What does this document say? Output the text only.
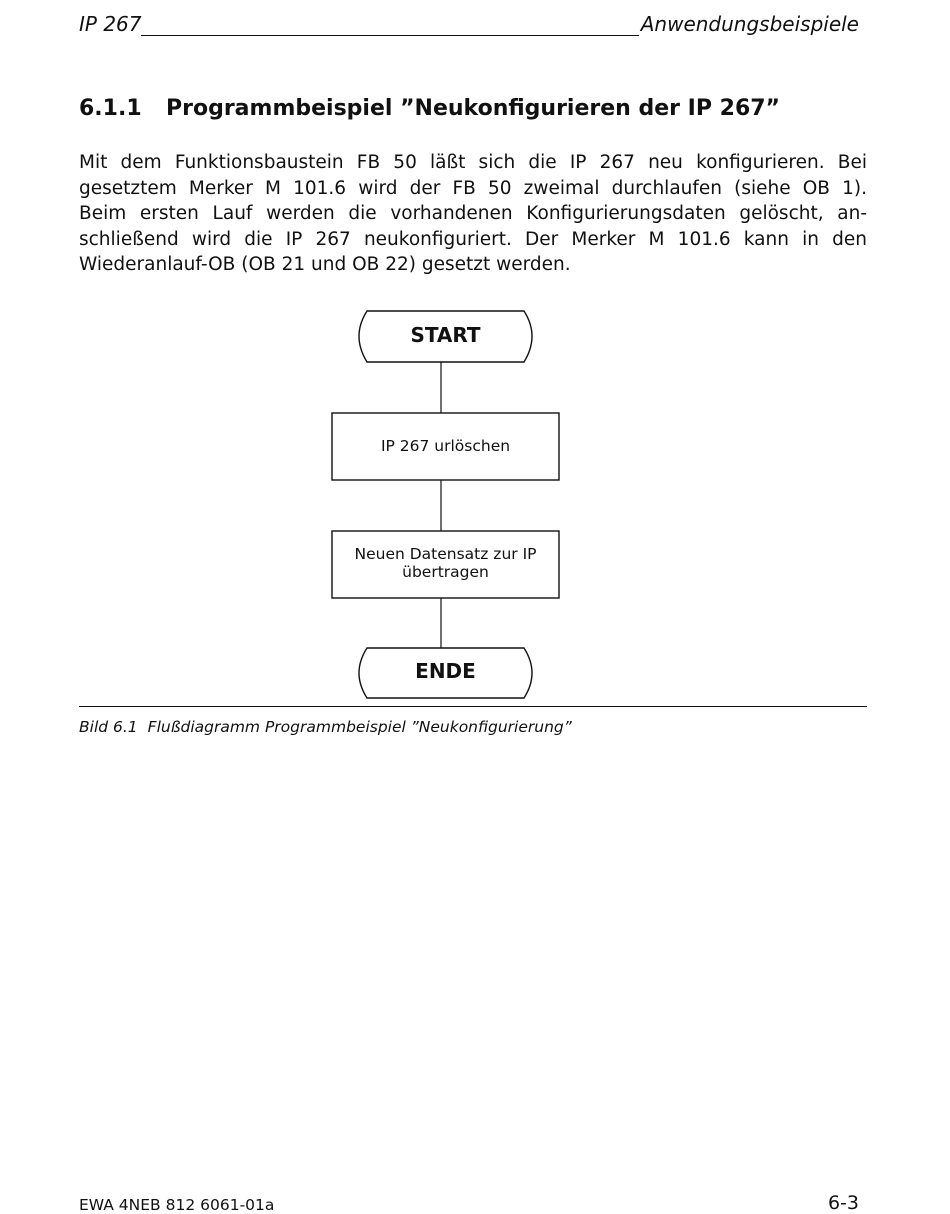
IP 267	Anwendungsbeispiele
6.1.1 Programmbeispiel ”Neukonfigurieren der IP 267”
Mit dem Funktionsbaustein FB 50 läßt sich die IP 267 neu konfigurieren. Bei
gesetztem Merker M 101.6 wird der FB 50 zweimal durchlaufen (siehe OB 1).
Beim ersten Lauf werden die vorhandenen Konfigurierungsdaten gelöscht, an-
schließend wird die IP 267 neukonfiguriert. Der Merker M 101.6 kann in den
Wiederanlauf-OB (OB 21 und OB 22) gesetzt werden.
START
IP 267 urlöschen
Neuen Datensatz zur IP
übertragen
ENDE
Bild 6.1 Flußdiagramm Programmbeispiel ”Neukonfigurierung”
EWA 4NEB 812 6061-01a	6-3
